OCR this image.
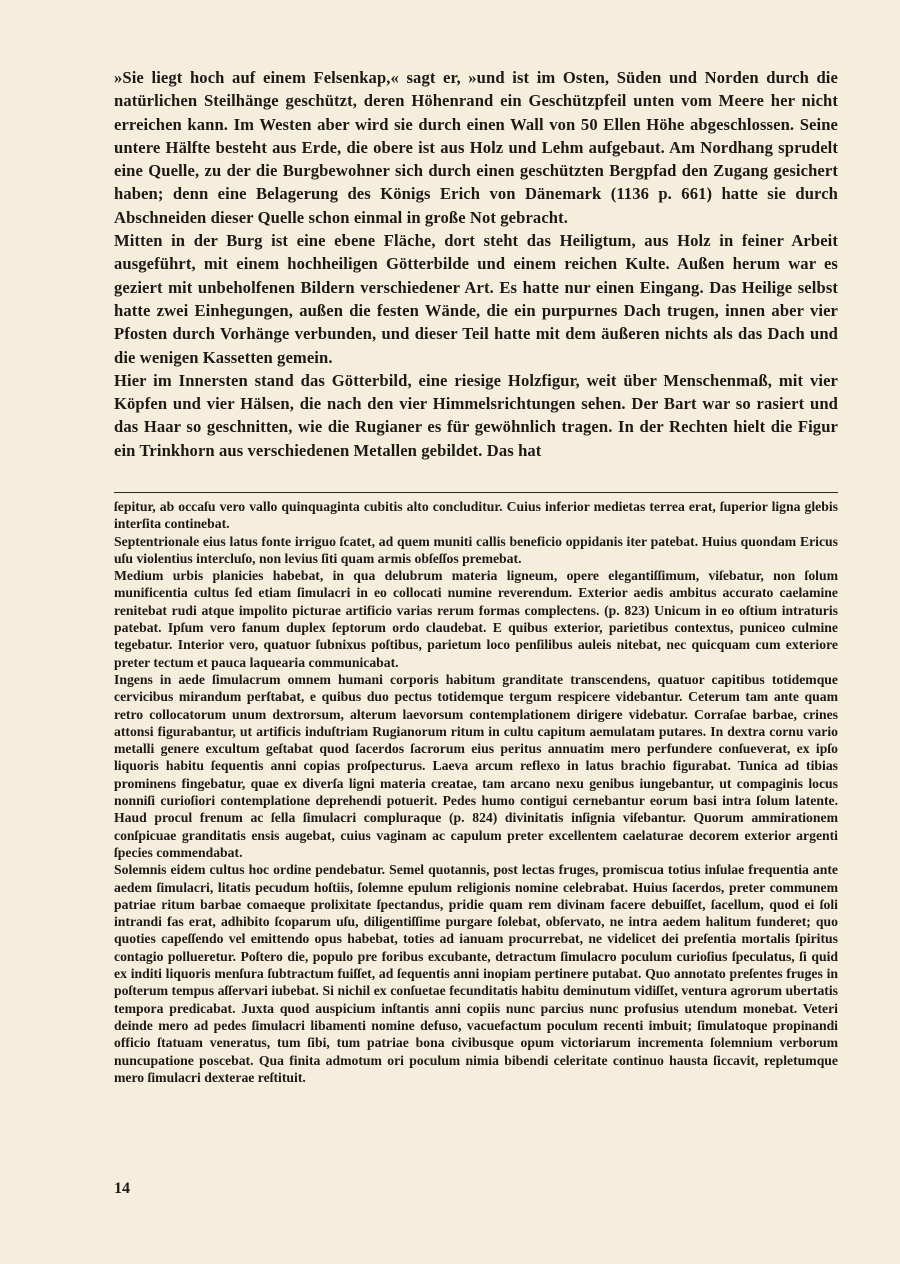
»Sie liegt hoch auf einem Felsenkap,« sagt er, »und ist im Osten, Süden und Norden durch die natürlichen Steilhänge geschützt, deren Höhenrand ein Geschützpfeil unten vom Meere her nicht erreichen kann. Im Westen aber wird sie durch einen Wall von 50 Ellen Höhe abgeschlossen. Seine untere Hälfte besteht aus Erde, die obere ist aus Holz und Lehm aufgebaut. Am Nordhang sprudelt eine Quelle, zu der die Burgbewohner sich durch einen geschützten Bergpfad den Zugang gesichert haben; denn eine Belagerung des Königs Erich von Dänemark (1136 p. 661) hatte sie durch Abschneiden dieser Quelle schon einmal in große Not gebracht.

Mitten in der Burg ist eine ebene Fläche, dort steht das Heiligtum, aus Holz in feiner Arbeit ausgeführt, mit einem hochheiligen Götterbilde und einem reichen Kulte. Außen herum war es geziert mit unbeholfenen Bildern verschiedener Art. Es hatte nur einen Eingang. Das Heilige selbst hatte zwei Einhegungen, außen die festen Wände, die ein purpurnes Dach trugen, innen aber vier Pfosten durch Vorhänge verbunden, und dieser Teil hatte mit dem äußeren nichts als das Dach und die wenigen Kassetten gemein.

Hier im Innersten stand das Götterbild, eine riesige Holzfigur, weit über Menschenmaß, mit vier Köpfen und vier Hälsen, die nach den vier Himmelsrichtungen sehen. Der Bart war so rasiert und das Haar so geschnitten, wie die Rugianer es für gewöhnlich tragen. In der Rechten hielt die Figur ein Trinkhorn aus verschiedenen Metallen gebildet. Das hat

ſepitur, ab occaſu vero vallo quinquaginta cubitis alto concluditur. Cuius inferior medietas terrea erat, ſuperior ligna glebis interſita continebat.

Septentrionale eius latus fonte irriguo ſcatet, ad quem muniti callis beneficio oppidanis iter patebat. Huius quondam Ericus uſu violentius intercluſo, non levius ſiti quam armis obſeſſos premebat.

Medium urbis planicies habebat, in qua delubrum materia ligneum, opere elegantiſſimum, viſebatur, non ſolum munificentia cultus ſed etiam ſimulacri in eo collocati numine reverendum. Exterior aedis ambitus accurato caelamine renitebat rudi atque impolito picturae artificio varias rerum formas complectens. (p. 823) Unicum in eo oſtium intraturis patebat. Ipſum vero fanum duplex ſeptorum ordo claudebat. E quibus exterior, parietibus contextus, puniceo culmine tegebatur. Interior vero, quatuor ſubnixus poſtibus, parietum loco penſilibus auleis nitebat, nec quicquam cum exteriore preter tectum et pauca laquearia communicabat.

Ingens in aede ſimulacrum omnem humani corporis habitum granditate transcendens, quatuor capitibus totidemque cervicibus mirandum perſtabat, e quibus duo pectus totidemque tergum respicere videbantur. Ceterum tam ante quam retro collocatorum unum dextrorsum, alterum laevorsum contemplationem dirigere videbatur. Corraſae barbae, crines attonsi figurabantur, ut artificis induſtriam Rugianorum ritum in cultu capitum aemulatam putares. In dextra cornu vario metalli genere excultum geſtabat quod ſacerdos ſacrorum eius peritus annuatim mero perfundere conſueverat, ex ipſo liquoris habitu ſequentis anni copias proſpecturus. Laeva arcum reflexo in latus brachio figurabat. Tunica ad tibias prominens fingebatur, quae ex diverſa ligni materia creatae, tam arcano nexu genibus iungebantur, ut compaginis locus nonniſi curioſiori contemplatione deprehendi potuerit. Pedes humo contigui cernebantur eorum basi intra ſolum latente. Haud procul frenum ac ſella ſimulacri compluraque (p. 824) divinitatis inſignia viſebantur. Quorum ammirationem conſpicuae granditatis ensis augebat, cuius vaginam ac capulum preter excellentem caelaturae decorem exterior argenti ſpecies commendabat.

Solemnis eidem cultus hoc ordine pendebatur. Semel quotannis, post lectas fruges, promiscua totius inſulae frequentia ante aedem ſimulacri, litatis pecudum hoſtiis, ſolemne epulum religionis nomine celebrabat. Huius ſacerdos, preter communem patriae ritum barbae comaeque prolixitate ſpectandus, pridie quam rem divinam facere debuiſſet, ſacellum, quod ei ſoli intrandi fas erat, adhibito ſcoparum uſu, diligentiſſime purgare ſolebat, obſervato, ne intra aedem halitum funderet; quo quoties capeſſendo vel emittendo opus habebat, toties ad ianuam procurrebat, ne videlicet dei preſentia mortalis ſpiritus contagio pollueretur. Poſtero die, populo pre foribus excubante, detractum ſimulacro poculum curioſius ſpeculatus, ſi quid ex inditi liquoris menſura ſubtractum fuiſſet, ad ſequentis anni inopiam pertinere putabat. Quo annotato preſentes fruges in poſterum tempus aſſervari iubebat. Si nichil ex conſuetae fecunditatis habitu deminutum vidiſſet, ventura agrorum ubertatis tempora predicabat. Juxta quod auspicium inſtantis anni copiis nunc parcius nunc profusius utendum monebat. Veteri deinde mero ad pedes ſimulacri libamenti nomine defuso, vacuefactum poculum recenti imbuit; ſimulatoque propinandi officio ſtatuam veneratus, tum ſibi, tum patriae bona civibusque opum victoriarum incrementa ſolemnium verborum nuncupatione poscebat. Qua finita admotum ori poculum nimia bibendi celeritate continuo hausta ſiccavit, repletumque mero ſimulacri dexterae reſtituit.

14
